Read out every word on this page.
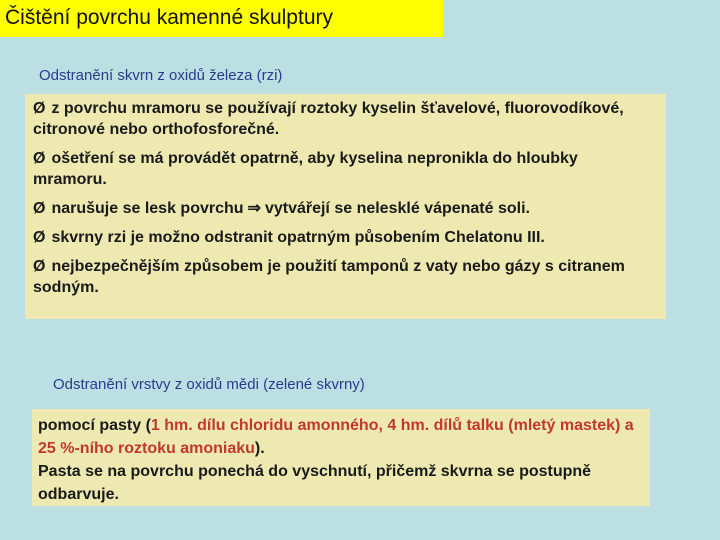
Čištění povrchu kamenné skulptury
Odstranění skvrn z oxidů železa (rzi)
Ø z povrchu mramoru se používají roztoky kyselin šťavelové, fluorovodíkové, citronové nebo orthofosforečné.
Ø ošetření se má provádět opatrně, aby kyselina nepronikla do hloubky mramoru.
Ø narušuje se lesk povrchu ⇒ vytvářejí se nelesklé vápenaté soli.
Ø skvrny rzi je možno odstranit opatrným působením Chelatonu III.
Ø nejbezpečnějším způsobem je použití tamponů z vaty nebo gázy s citranem sodným.
Odstranění vrstvy z oxidů mědi (zelené skvrny)
pomocí pasty (1 hm. dílu chloridu amonného, 4 hm. dílů talku (mletý mastek) a 25 %-ního roztoku amoniaku).
Pasta se na povrchu ponechá do vyschnutí, přičemž skvrna se postupně odbarvuje.
